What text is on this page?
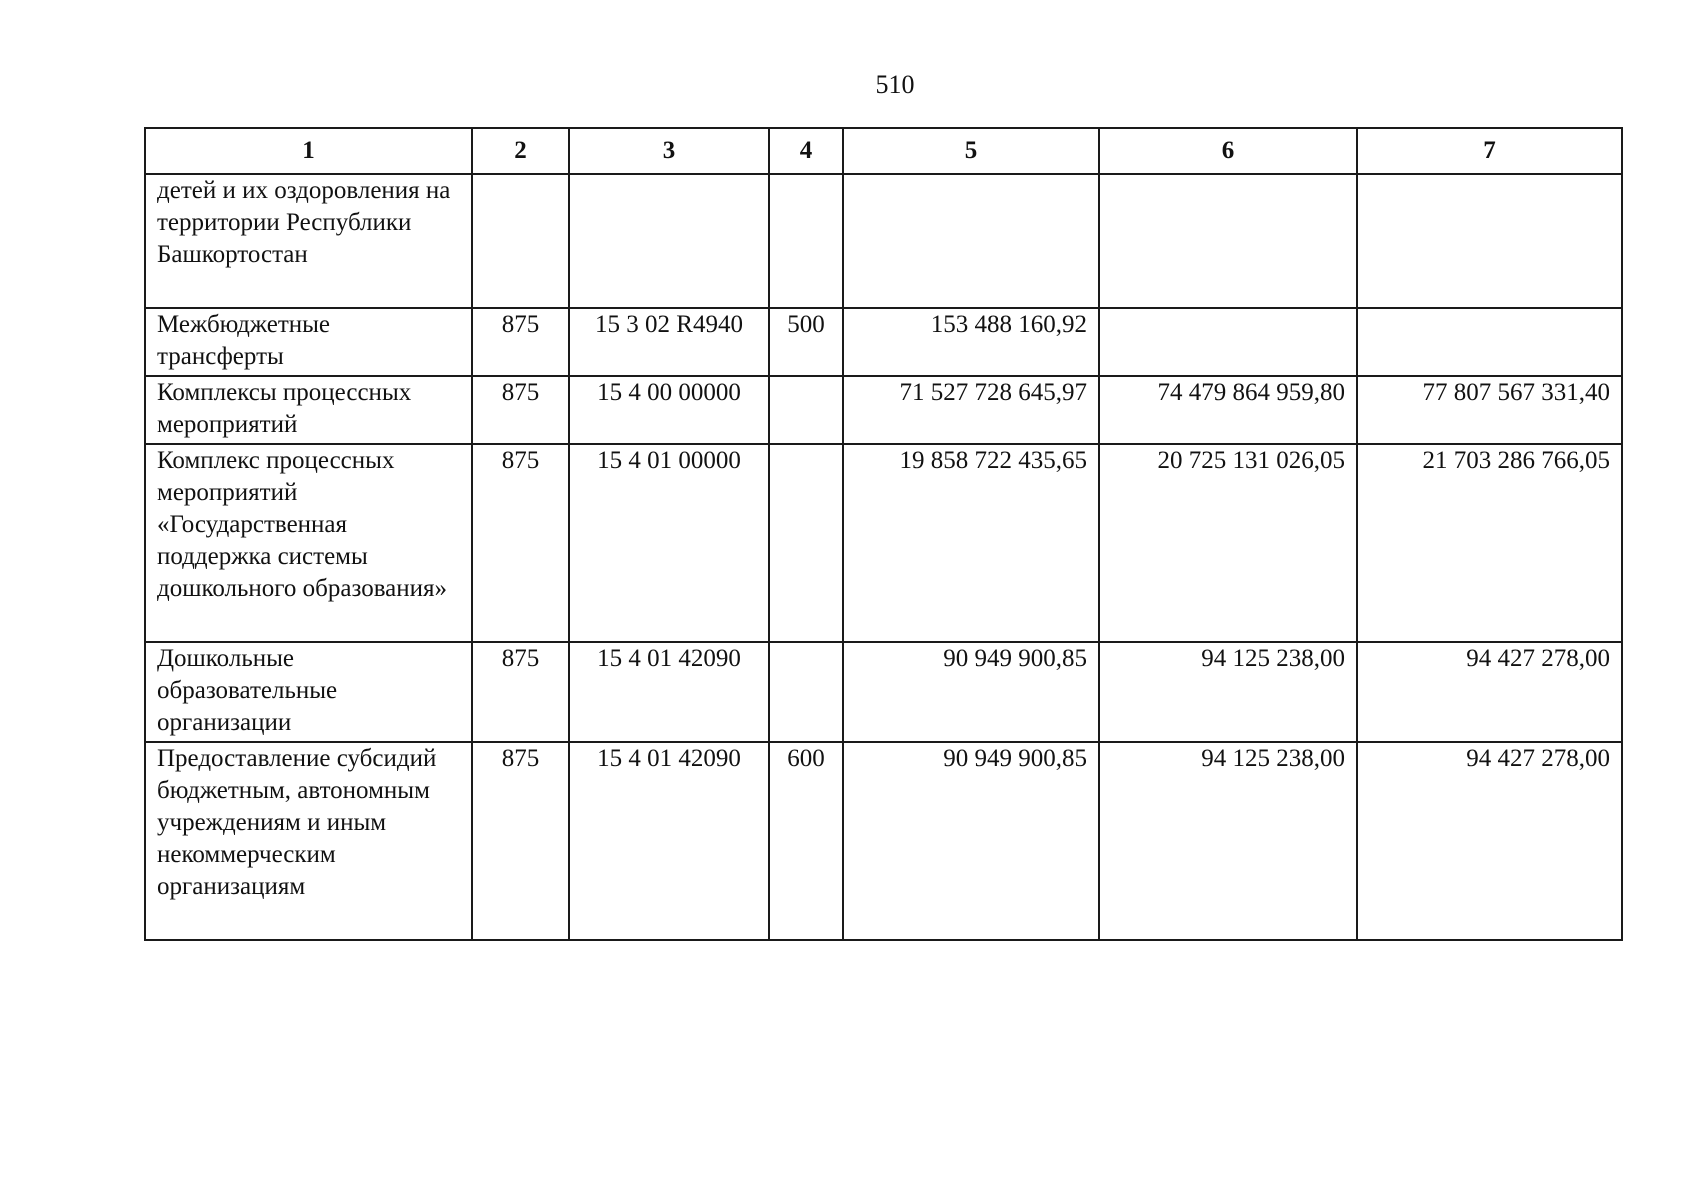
510
1	2	3	4	5	6	7
детей и их оздоровления на территории Республики Башкортостан						
Межбюджетные трансферты	875	15 3 02 R4940	500	153 488 160,92		
Комплексы процессных мероприятий	875	15 4 00 00000		71 527 728 645,97	74 479 864 959,80	77 807 567 331,40
Комплекс процессных мероприятий «Государственная поддержка системы дошкольного образования»	875	15 4 01 00000		19 858 722 435,65	20 725 131 026,05	21 703 286 766,05
Дошкольные образовательные организации	875	15 4 01 42090		90 949 900,85	94 125 238,00	94 427 278,00
Предоставление субсидий бюджетным, автономным учреждениям и иным некоммерческим организациям	875	15 4 01 42090	600	90 949 900,85	94 125 238,00	94 427 278,00
